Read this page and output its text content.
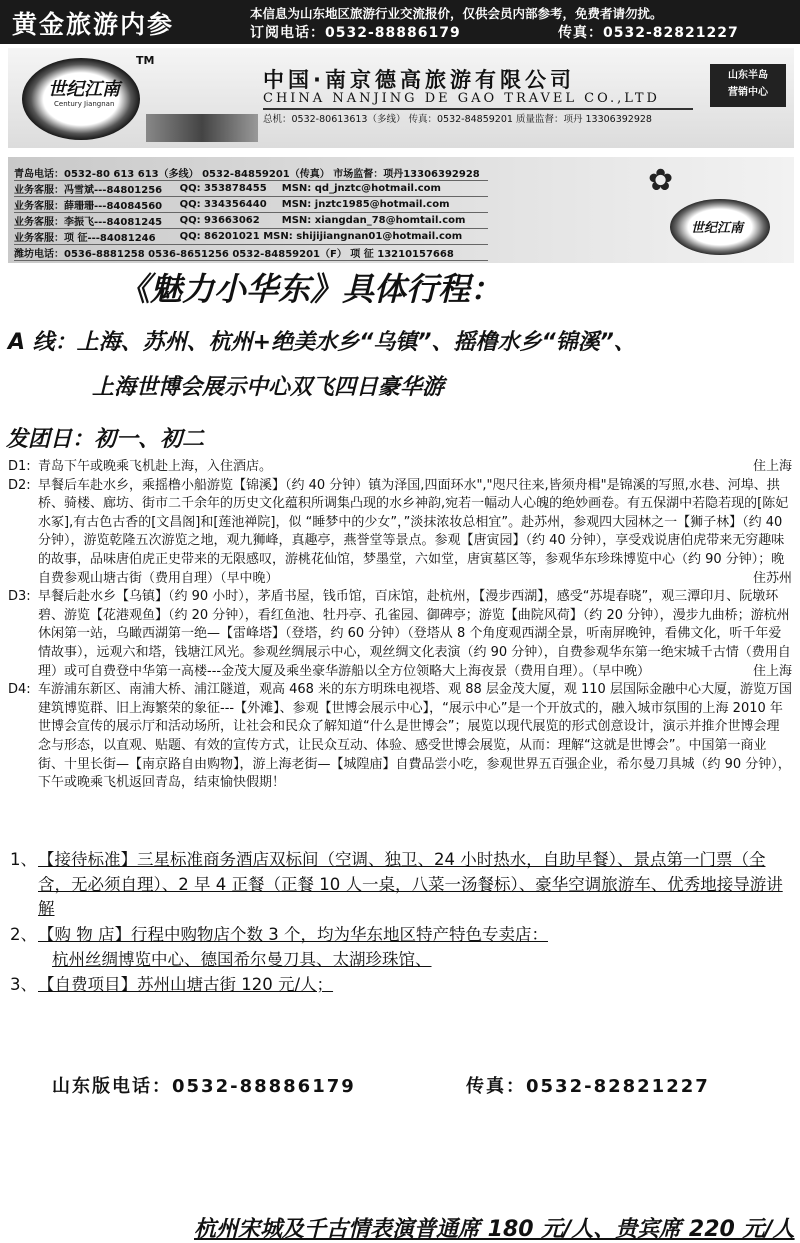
黄金旅游内参	本信息为山东地区旅游行业交流报价，仅供会员内部参考，免费者请勿扰。
订阅电话：0532-88886179	传真：0532-82821227
世纪江南
Century Jiangnan
TM
中国·南京德高旅游有限公司
CHINA NANJING DE GAO TRAVEL CO.,LTD
总机：0532-80613613（多线） 传真：0532-84859201 质量监督：项丹 13306392928
山东半岛
营销中心
青岛电话：0532-80 613 613（多线） 0532-84859201（传真） 市场监督：项丹13306392928		
业务客服：冯雪斌---84801256	QQ: 353878455	MSN: qd_jnztc@hotmail.com
业务客服：薛珊珊---84084560	QQ: 334356440	MSN: jnztc1985@hotmail.com
业务客服：李振飞---84081245	QQ: 93663062	MSN: xiangdan_78@homtail.com
业务客服：项 征---84081246	QQ: 86201021 MSN: shijijiangnan01@hotmail.com	
潍坊电话：0536-8881258 0536-8651256 0532-84859201（F） 项 征 13210157668		
✿
世纪江南
《魅力小华东》具体行程：
A 线：上海、苏州、杭州+绝美水乡“乌镇”、摇橹水乡“锦溪”、
上海世博会展示中心双飞四日豪华游
发团日：初一、初二
D1: 青岛下午或晚乘飞机赴上海，入住酒店。	住上海
D2: 早餐后车赴水乡，乘摇橹小船游览【锦溪】（约 40 分钟）镇为泽国,四面环水","咫尺往来,皆须舟楫"是锦溪的写照,水巷、河埠、拱桥、骑楼、廊坊、街市二千余年的历史文化蕴积所调集凸现的水乡神韵,宛若一幅动人心魄的绝妙画卷。有五保湖中若隐若现的[陈妃水冢],有古色古香的[文昌阁]和[莲池禅院]，似 “睡梦中的少女”，”淡抹浓妆总相宜”。赴苏州，参观四大园林之一【狮子林】（约 40 分钟），游览乾隆五次游览之地，观九狮峰，真趣亭，燕誉堂等景点。参观【唐寅园】（约 40 分钟），享受戏说唐伯虎带来无穷趣味的故事，品味唐伯虎正史带来的无限感叹，游桃花仙馆，梦墨堂，六如堂，唐寅墓区等，参观华东珍珠博览中心（约 90 分钟）；晚自费参观山塘古街（费用自理）（早中晚）	住苏州
D3: 早餐后赴水乡【乌镇】（约 90 小时），茅盾书屋，钱币馆，百床馆，赴杭州，【漫步西湖】，感受“苏堤春晓”，观三潭印月、阮墩环碧、游览【花港观鱼】（约 20 分钟），看红鱼池、牡丹亭、孔雀园、御碑亭；游览【曲院风荷】（约 20 分钟），漫步九曲桥；游杭州休闲第一站，乌瞰西湖第一绝—【雷峰塔】（登塔，约 60 分钟）（登塔从 8 个角度观西湖全景，听南屏晚钟，看佛文化，听千年爱情故事），远观六和塔，钱塘江风光。参观丝绸展示中心，观丝绸文化表演（约 90 分钟），自费参观华东第一绝宋城千古情（费用自理）或可自费登中华第一高楼---金茂大厦及乘坐豪华游船以全方位领略大上海夜景（费用自理）。（早中晚）	住上海
D4: 车游浦东新区、南浦大桥、浦江隧道，观高 468 米的东方明珠电视塔、观 88 层金茂大厦，观 110 层国际金融中心大厦，游览万国建筑博览群、旧上海繁荣的象征---【外滩】、参观【世博会展示中心】，“展示中心”是一个开放式的，融入城市氛围的上海 2010 年世博会宣传的展示厅和活动场所，让社会和民众了解知道“什么是世博会”；展览以现代展览的形式创意设计，演示并推介世博会理念与形态，以直观、贴题、有效的宣传方式，让民众互动、体验、感受世博会展览，从而：理解“这就是世博会”。中国第一商业街、十里长街—【南京路自由购物】，游上海老街—【城隍庙】自費品尝小吃，参观世界五百强企业，希尔曼刀具城（约 90 分钟），下午或晚乘飞机返回青岛，结束愉快假期！
1、 【接待标准】三星标准商务酒店双标间（空调、独卫、24 小时热水，自助早餐）、景点第一门票（全含，无必须自理）、2 早 4 正餐（正餐 10 人一桌，八菜一汤餐标）、豪华空调旅游车、优秀地接导游讲解
2、 【购 物 店】行程中购物店个数 3 个，均为华东地区特产特色专卖店：
杭州丝绸博览中心、德国希尔曼刀具、太湖珍珠馆、
3、 【自费项目】苏州山塘古街 120 元/人；
杭州宋城及千古情表演普通席 180 元/人、贵宾席 220 元/人
山东版电话：0532-88886179	传真：0532-82821227
